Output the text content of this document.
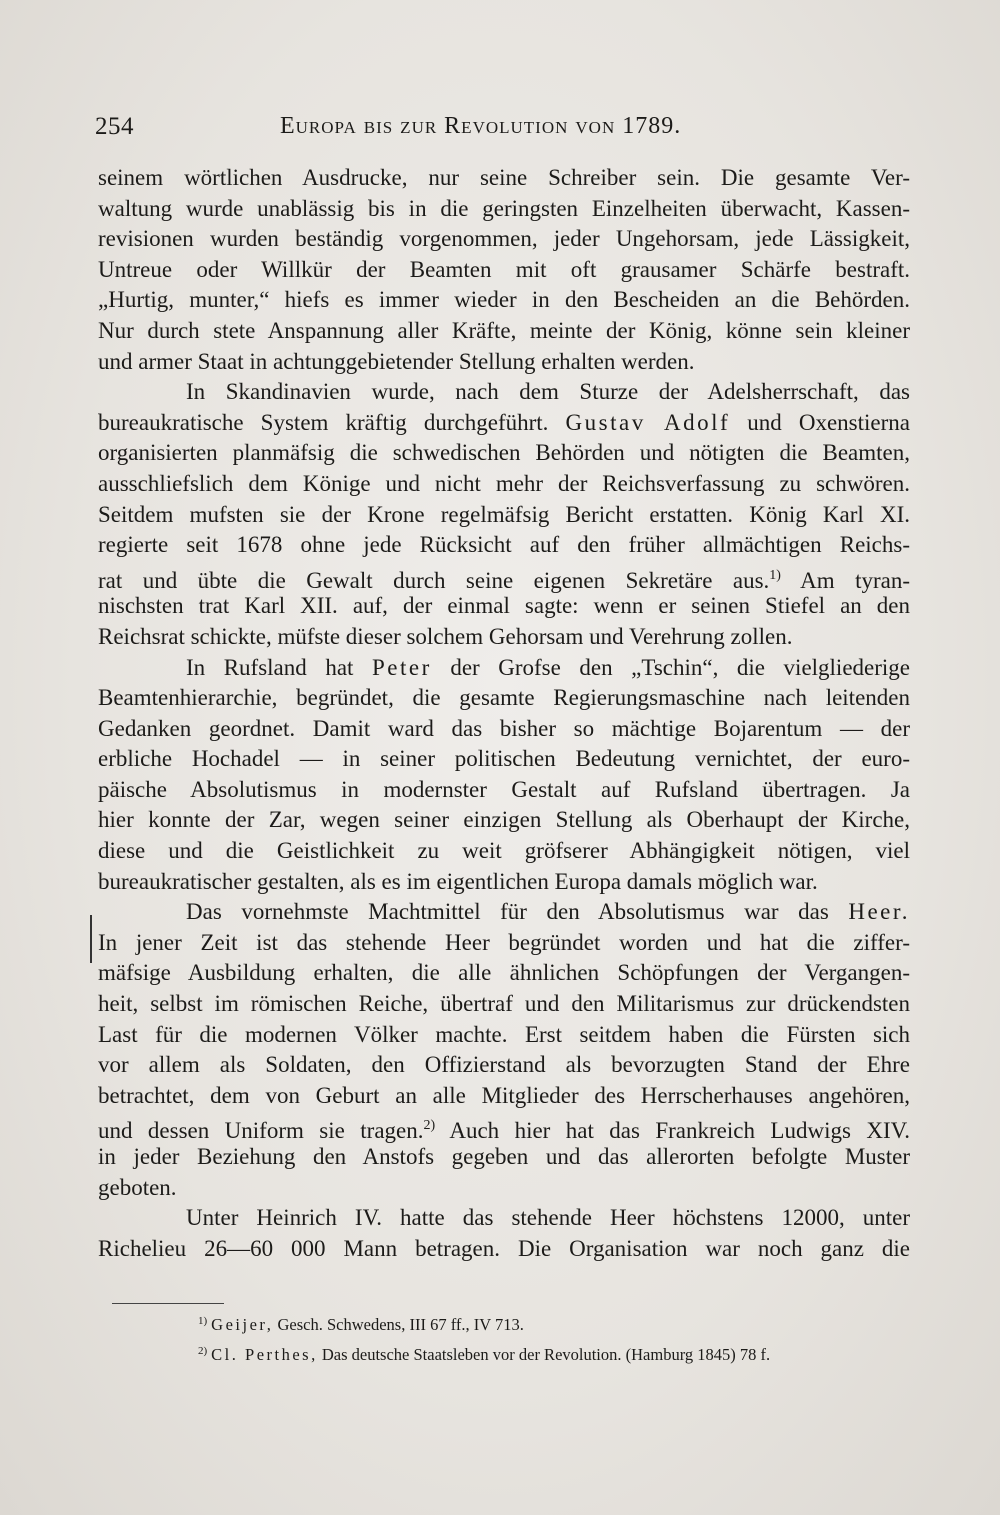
254	Europa bis zur Revolution von 1789.
seinem wörtlichen Ausdrucke, nur seine Schreiber sein. Die gesamte Ver-
waltung wurde unablässig bis in die geringsten Einzelheiten überwacht, Kassen-
revisionen wurden beständig vorgenommen, jeder Ungehorsam, jede Lässigkeit,
Untreue oder Willkür der Beamten mit oft grausamer Schärfe bestraft.
„Hurtig, munter,“ hiefs es immer wieder in den Bescheiden an die Behörden.
Nur durch stete Anspannung aller Kräfte, meinte der König, könne sein kleiner
und armer Staat in achtunggebietender Stellung erhalten werden.
In Skandinavien wurde, nach dem Sturze der Adelsherrschaft, das
bureaukratische System kräftig durchgeführt. Gustav Adolf und Oxenstierna
organisierten planmäfsig die schwedischen Behörden und nötigten die Beamten,
ausschliefslich dem Könige und nicht mehr der Reichsverfassung zu schwören.
Seitdem mufsten sie der Krone regelmäfsig Bericht erstatten. König Karl XI.
regierte seit 1678 ohne jede Rücksicht auf den früher allmächtigen Reichs-
rat und übte die Gewalt durch seine eigenen Sekretäre aus.$^{1)}$ Am tyran-
nischsten trat Karl XII. auf, der einmal sagte: wenn er seinen Stiefel an den
Reichsrat schickte, müfste dieser solchem Gehorsam und Verehrung zollen.
In Rufsland hat Peter der Grofse den „Tschin“, die vielgliederige
Beamtenhierarchie, begründet, die gesamte Regierungsmaschine nach leitenden
Gedanken geordnet. Damit ward das bisher so mächtige Bojarentum — der
erbliche Hochadel — in seiner politischen Bedeutung vernichtet, der euro-
päische Absolutismus in modernster Gestalt auf Rufsland übertragen. Ja
hier konnte der Zar, wegen seiner einzigen Stellung als Oberhaupt der Kirche,
diese und die Geistlichkeit zu weit gröfserer Abhängigkeit nötigen, viel
bureaukratischer gestalten, als es im eigentlichen Europa damals möglich war.
Das vornehmste Machtmittel für den Absolutismus war das Heer.
In jener Zeit ist das stehende Heer begründet worden und hat die ziffer-
mäfsige Ausbildung erhalten, die alle ähnlichen Schöpfungen der Vergangen-
heit, selbst im römischen Reiche, übertraf und den Militarismus zur drückendsten
Last für die modernen Völker machte. Erst seitdem haben die Fürsten sich
vor allem als Soldaten, den Offizierstand als bevorzugten Stand der Ehre
betrachtet, dem von Geburt an alle Mitglieder des Herrscherhauses angehören,
und dessen Uniform sie tragen.$^{2)}$ Auch hier hat das Frankreich Ludwigs XIV.
in jeder Beziehung den Anstofs gegeben und das allerorten befolgte Muster
geboten.
Unter Heinrich IV. hatte das stehende Heer höchstens 12000, unter
Richelieu 26—60 000 Mann betragen. Die Organisation war noch ganz die
$^{1)}$ Geijer, Gesch. Schwedens, III 67 ff., IV 713.
$^{2)}$ Cl. Perthes, Das deutsche Staatsleben vor der Revolution. (Hamburg 1845) 78 f.
